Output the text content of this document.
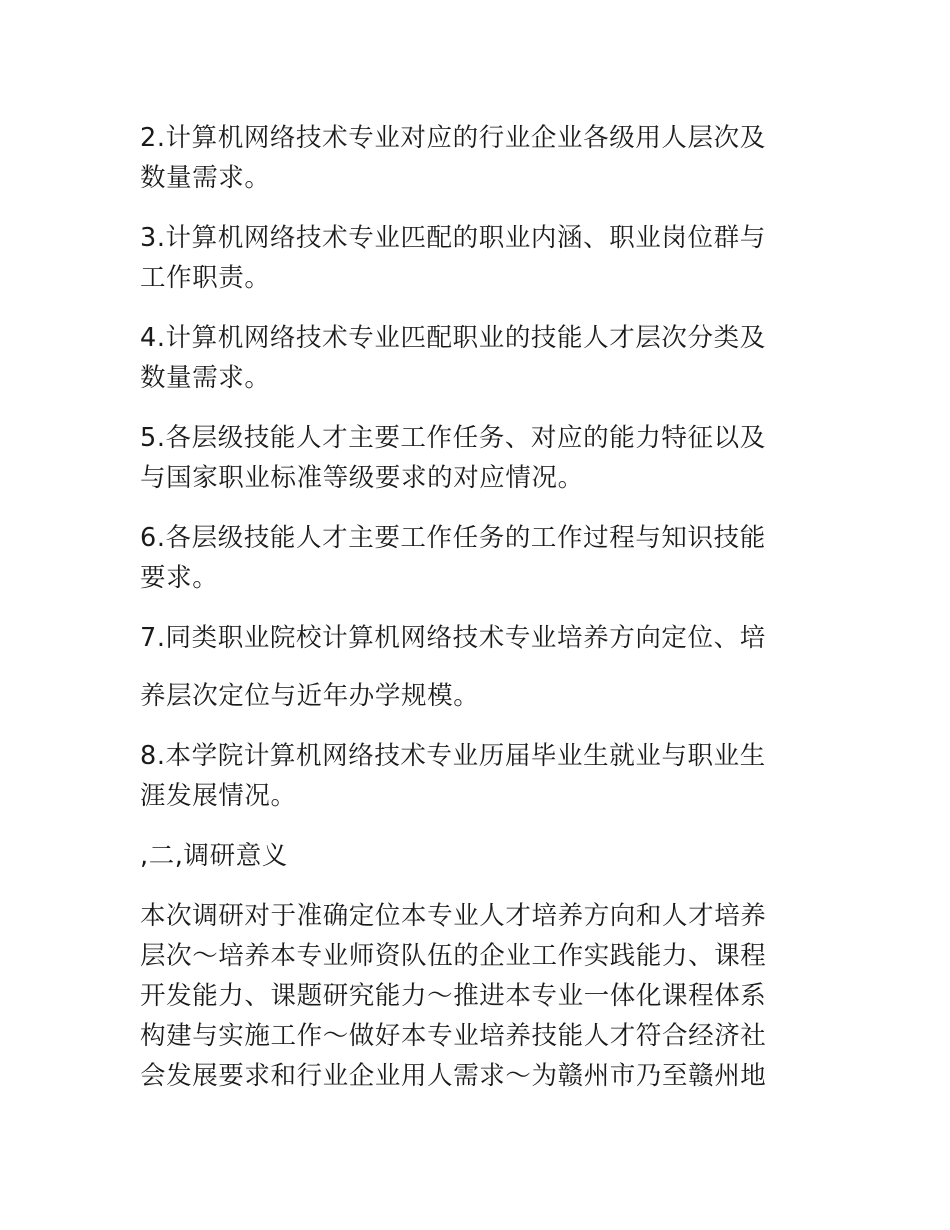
2.计算机网络技术专业对应的行业企业各级用人层次及
数量需求。
3.计算机网络技术专业匹配的职业内涵、职业岗位群与
工作职责。
4.计算机网络技术专业匹配职业的技能人才层次分类及
数量需求。
5.各层级技能人才主要工作任务、对应的能力特征以及
与国家职业标准等级要求的对应情况。
6.各层级技能人才主要工作任务的工作过程与知识技能
要求。
7.同类职业院校计算机网络技术专业培养方向定位、培
养层次定位与近年办学规模。
8.本学院计算机网络技术专业历届毕业生就业与职业生
涯发展情况。
,二,调研意义
本次调研对于准确定位本专业人才培养方向和人才培养
层次～培养本专业师资队伍的企业工作实践能力、课程
开发能力、课题研究能力～推进本专业一体化课程体系
构建与实施工作～做好本专业培养技能人才符合经济社
会发展要求和行业企业用人需求～为赣州市乃至赣州地
